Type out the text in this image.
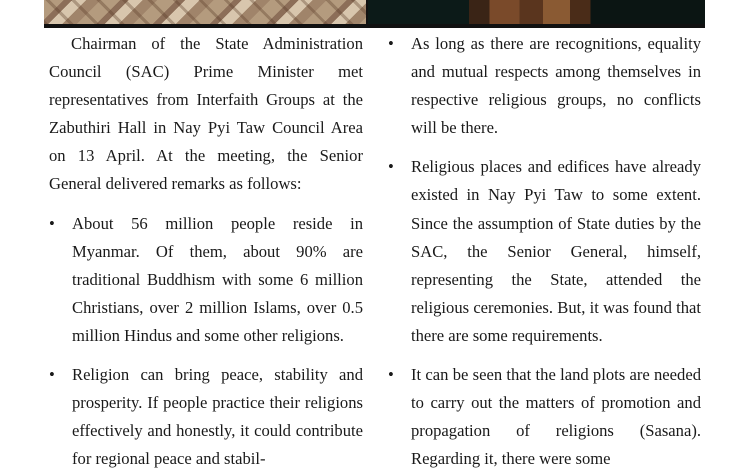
Chairman of the State Administration Council (SAC) Prime Minister met representatives from Interfaith Groups at the Zabuthiri Hall in Nay Pyi Taw Council Area on 13 April. At the meeting, the Senior General delivered remarks as follows:

• About 56 million people reside in Myanmar. Of them, about 90% are traditional Buddhism with some 6 million Christians, over 2 million Islams, over 0.5 million Hindus and some other religions.
• Religion can bring peace, stability and prosperity. If people practice their religions effectively and honestly, it could contribute for regional peace and stabil-
• As long as there are recognitions, equality and mutual respects among themselves in respective religious groups, no conflicts will be there.
• Religious places and edifices have already existed in Nay Pyi Taw to some extent. Since the assumption of State duties by the SAC, the Senior General, himself, representing the State, attended the religious ceremonies. But, it was found that there are some requirements.
• It can be seen that the land plots are needed to carry out the matters of promotion and propagation of religions (Sasana). Regarding it, there were some
